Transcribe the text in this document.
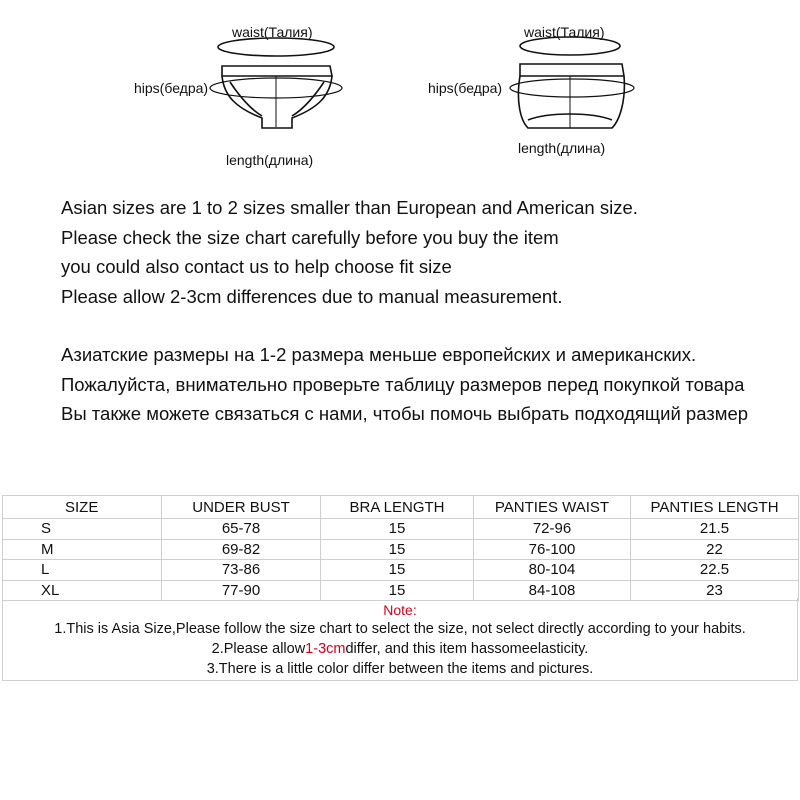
waist(Талия)
hips(бедра)
length(длина)
waist(Талия)
hips(бедра)
length(длина)

Asian sizes are 1 to 2 sizes smaller than European and American size.

Please check the size chart carefully before you buy the item

you could also contact us to help choose fit size

Please allow 2-3cm differences due to manual measurement.

Азиатские размеры на 1-2 размера меньше европейских и американских.

Пожалуйста, внимательно проверьте таблицу размеров перед покупкой товара

Вы также можете связаться с нами, чтобы помочь выбрать подходящий размер

SIZE	UNDER BUST	BRA LENGTH	PANTIES WAIST	PANTIES LENGTH
S	65-78	15	72-96	21.5
M	69-82	15	76-100	22
L	73-86	15	80-104	22.5
XL	77-90	15	84-108	23
Note:
1.This is Asia Size,Please follow the size chart to select the size, not select directly according to your habits.
2.Please allow1-3cmdiffer, and this item hassomeelasticity.
3.There is a little color differ between the items and pictures.
